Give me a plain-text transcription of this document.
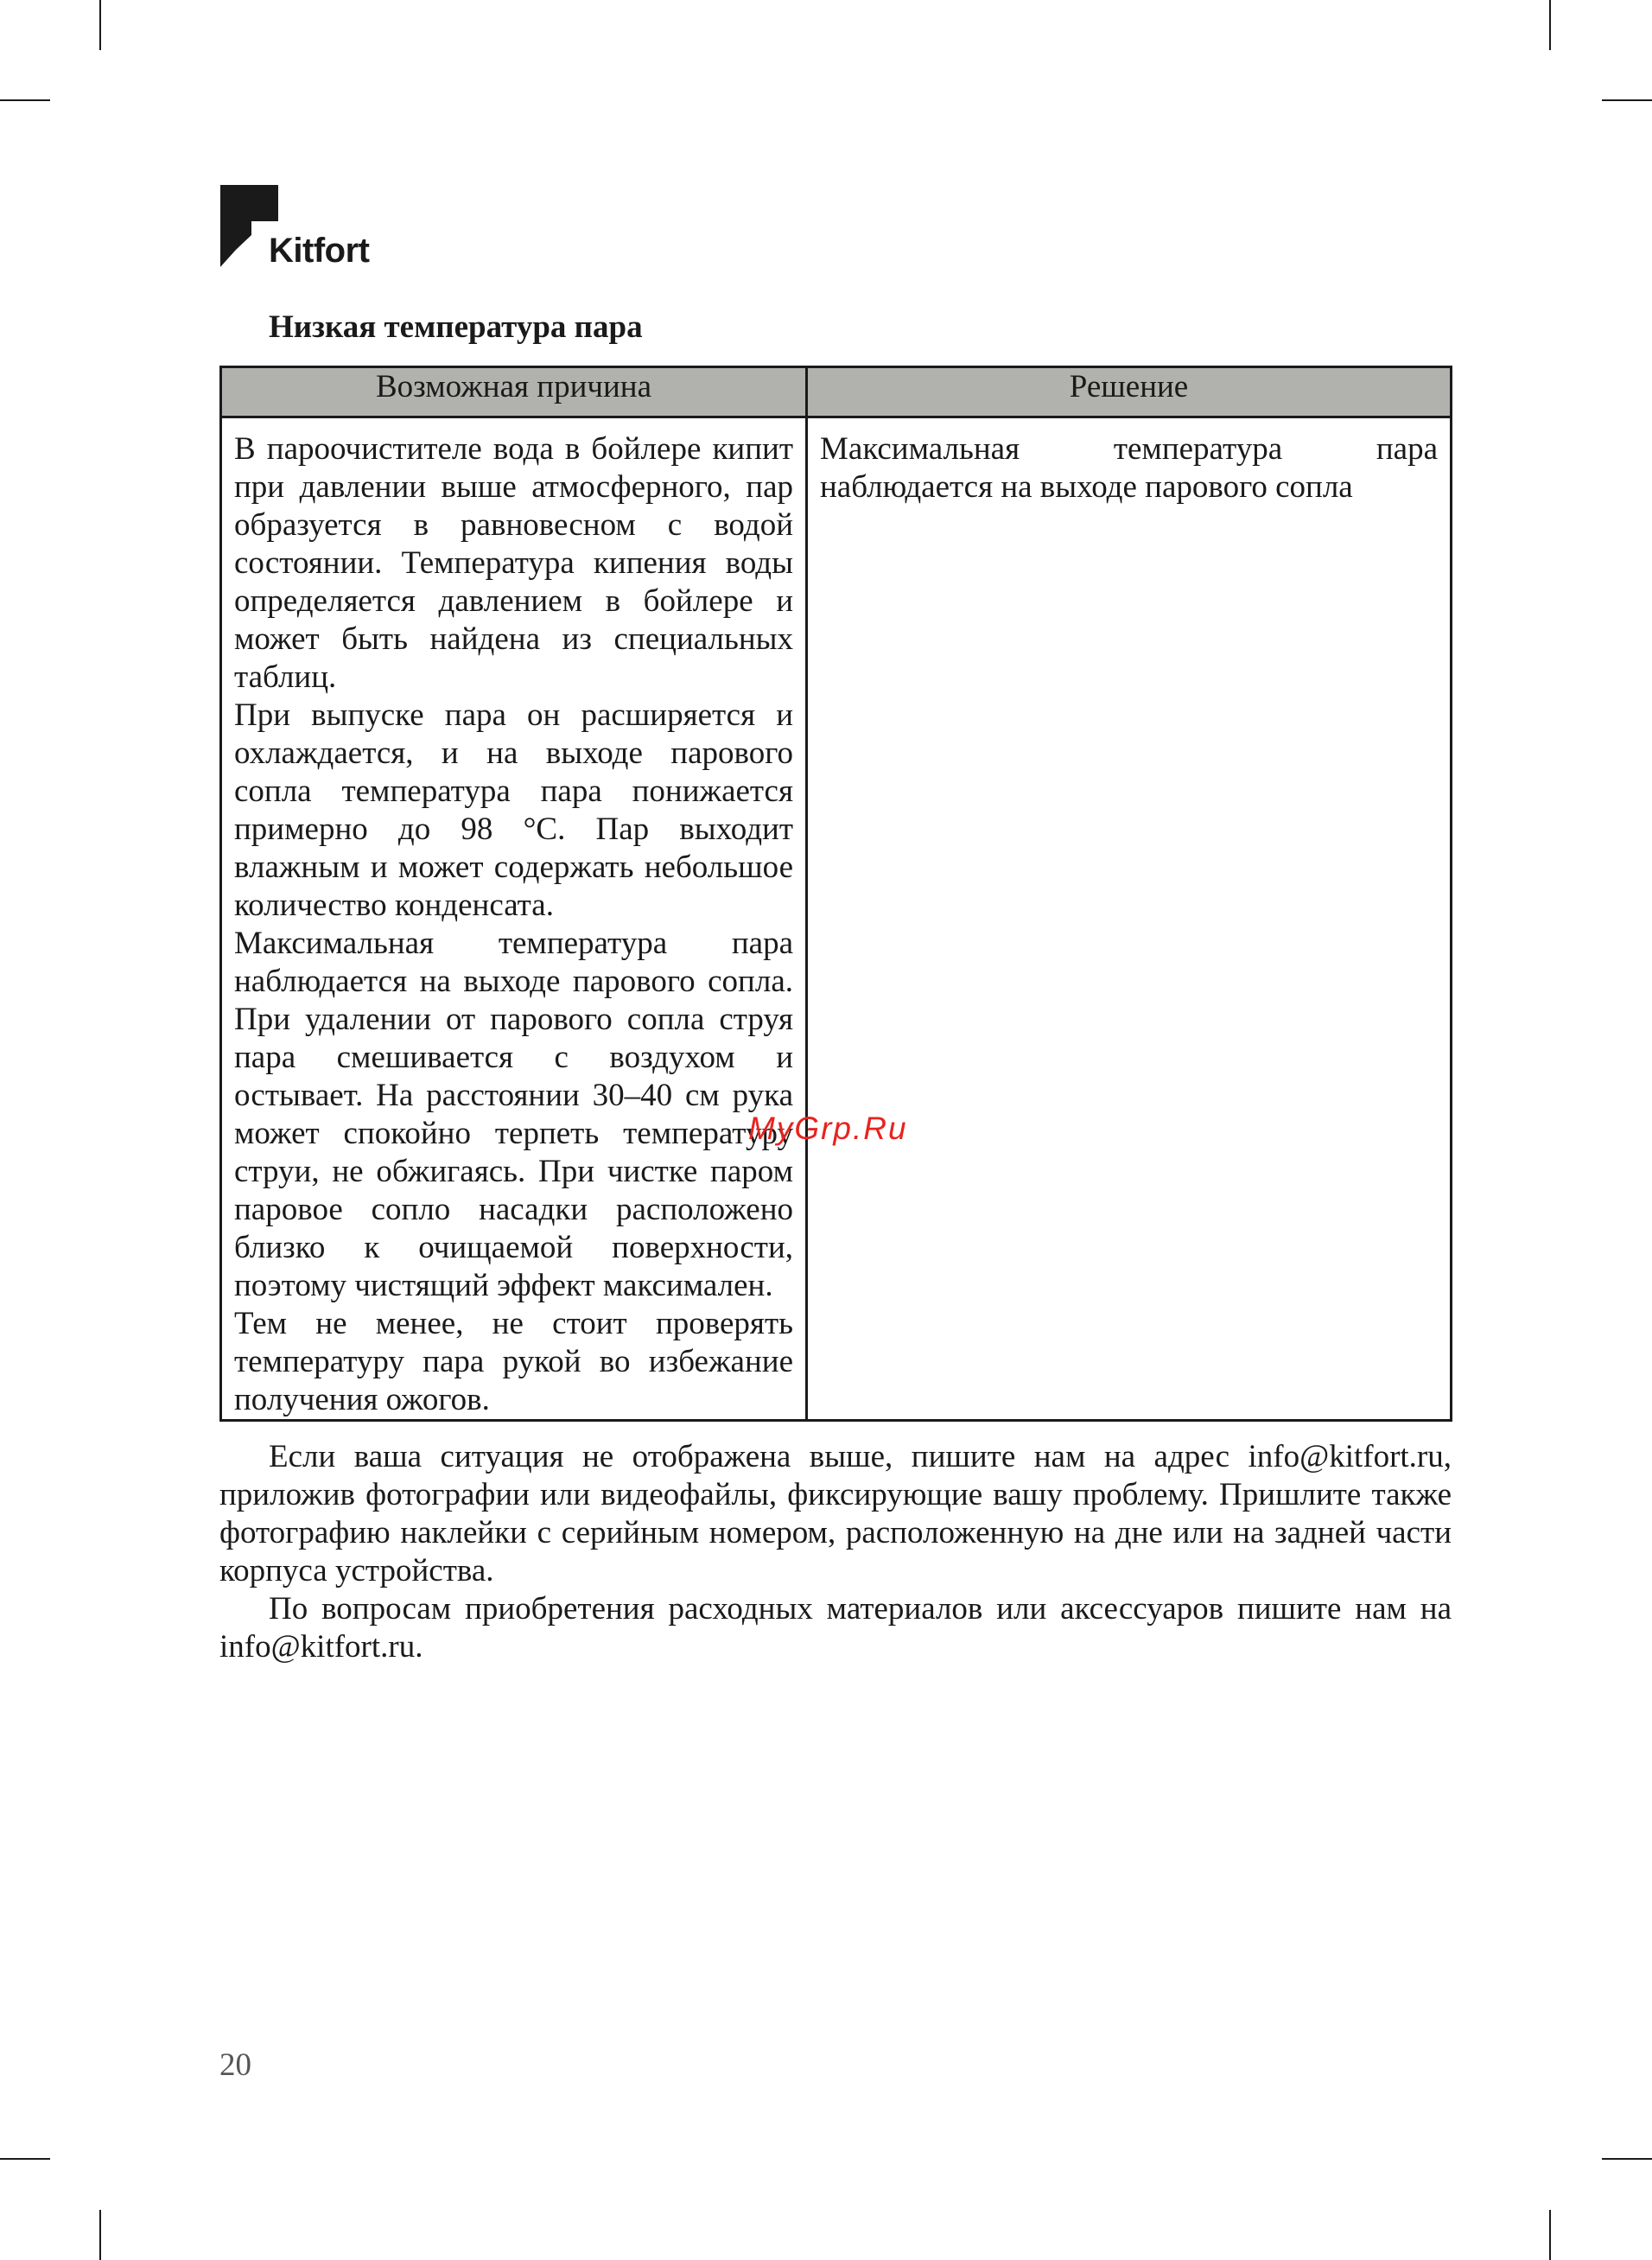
Kitfort
Низкая температура пара
Возможная причина	Решение

В пароочистителе вода в бойлере кипит при давлении выше атмосферного, пар образуется в равновесном с водой состоянии. Температура кипения воды определяется давлением в бойлере и может быть найдена из специальных таблиц.

При выпуске пара он расширяется и охлаждается, и на выходе парового сопла температура пара понижается примерно до 98 °С. Пар выходит влажным и может содержать небольшое количество конденсата.

Максимальная температура пара наблюдается на выходе парового сопла. При удалении от парового сопла струя пара смешивается с воздухом и остывает. На расстоянии 30–40 см рука может спокойно терпеть температуру струи, не обжигаясь. При чистке паром паровое сопло насадки расположено близко к очищаемой поверхности, поэтому чистящий эффект максимален.

Тем не менее, не стоит проверять температуру пара рукой во избежание получения ожогов.	Максимальная температура пара наблюдается на выходе парового сопла

MyGrp.Ru

Если ваша ситуация не отображена выше, пишите нам на адрес info@kitfort.ru, приложив фотографии или видеофайлы, фиксирующие вашу проблему. Пришлите также фотографию наклейки с серийным номером, расположенную на дне или на задней части корпуса устройства.

По вопросам приобретения расходных материалов или аксессуаров пишите нам на info@kitfort.ru.

20
